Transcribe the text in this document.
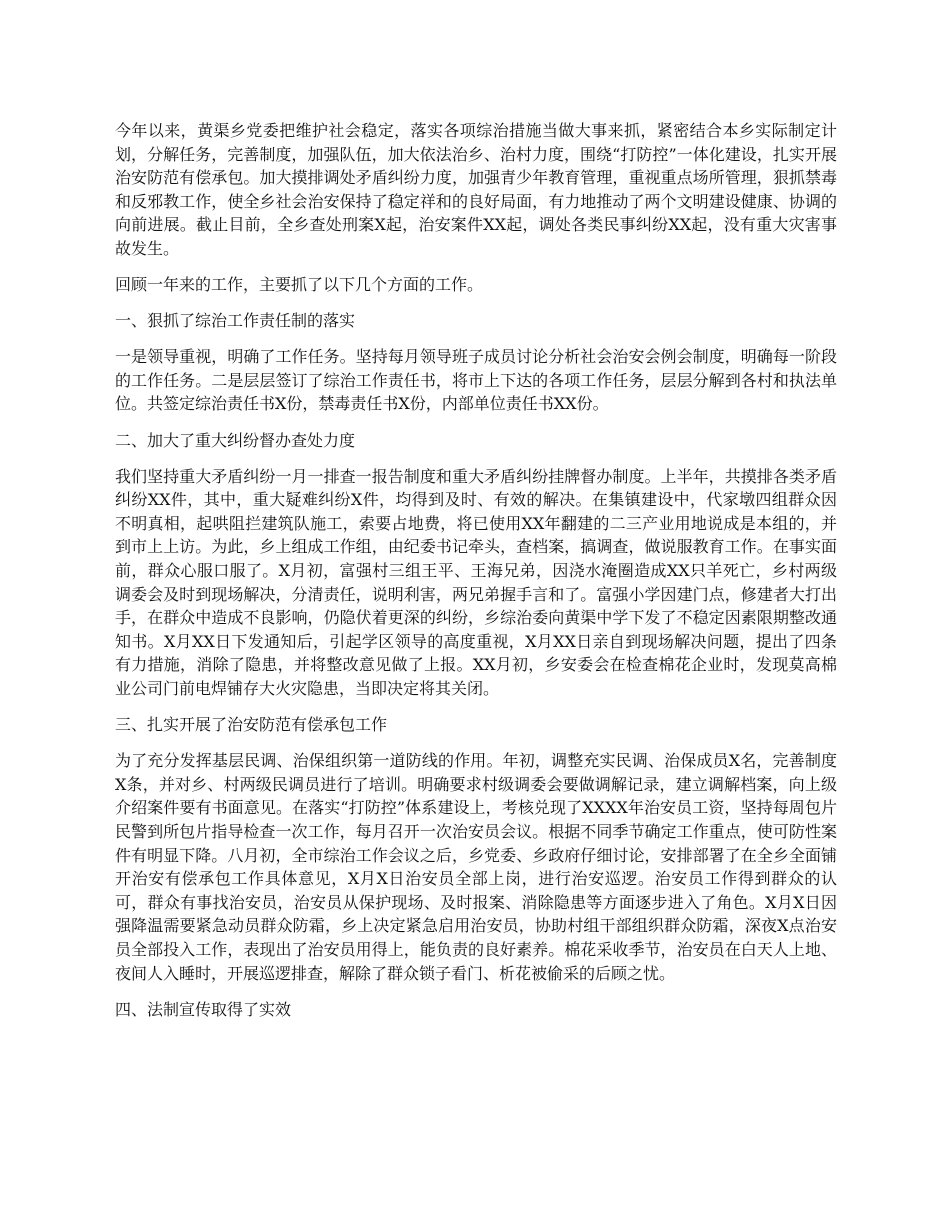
今年以来，黄渠乡党委把维护社会稳定，落实各项综治措施当做大事来抓，紧密结合本乡实际制定计划，分解任务，完善制度，加强队伍，加大依法治乡、治村力度，围绕“打防控”一体化建设，扎实开展治安防范有偿承包。加大摸排调处矛盾纠纷力度，加强青少年教育管理，重视重点场所管理，狠抓禁毒和反邪教工作，使全乡社会治安保持了稳定祥和的良好局面，有力地推动了两个文明建设健康、协调的向前进展。截止目前，全乡查处刑案X起，治安案件XX起，调处各类民事纠纷XX起，没有重大灾害事故发生。

回顾一年来的工作，主要抓了以下几个方面的工作。

一、狠抓了综治工作责任制的落实

一是领导重视，明确了工作任务。坚持每月领导班子成员讨论分析社会治安会例会制度，明确每一阶段的工作任务。二是层层签订了综治工作责任书，将市上下达的各项工作任务，层层分解到各村和执法单位。共签定综治责任书X份，禁毒责任书X份，内部单位责任书XX份。

二、加大了重大纠纷督办查处力度

我们坚持重大矛盾纠纷一月一排查一报告制度和重大矛盾纠纷挂牌督办制度。上半年，共摸排各类矛盾纠纷XX件，其中，重大疑难纠纷X件，均得到及时、有效的解决。在集镇建设中，代家墩四组群众因不明真相，起哄阻拦建筑队施工，索要占地费，将已使用XX年翻建的二三产业用地说成是本组的，并到市上上访。为此，乡上组成工作组，由纪委书记牵头，查档案，搞调查，做说服教育工作。在事实面前，群众心服口服了。X月初，富强村三组王平、王海兄弟，因浇水淹圈造成XX只羊死亡，乡村两级调委会及时到现场解决，分清责任，说明利害，两兄弟握手言和了。富强小学因建门点，修建者大打出手，在群众中造成不良影响，仍隐伏着更深的纠纷，乡综治委向黄渠中学下发了不稳定因素限期整改通知书。X月XX日下发通知后，引起学区领导的高度重视，X月XX日亲自到现场解决问题，提出了四条有力措施，消除了隐患，并将整改意见做了上报。XX月初，乡安委会在检查棉花企业时，发现莫高棉业公司门前电焊铺存大火灾隐患，当即决定将其关闭。

三、扎实开展了治安防范有偿承包工作

为了充分发挥基层民调、治保组织第一道防线的作用。年初，调整充实民调、治保成员X名，完善制度X条，并对乡、村两级民调员进行了培训。明确要求村级调委会要做调解记录，建立调解档案，向上级介绍案件要有书面意见。在落实“打防控”体系建设上，考核兑现了XXXX年治安员工资，坚持每周包片民警到所包片指导检查一次工作，每月召开一次治安员会议。根据不同季节确定工作重点，使可防性案件有明显下降。八月初，全市综治工作会议之后，乡党委、乡政府仔细讨论，安排部署了在全乡全面铺开治安有偿承包工作具体意见，X月X日治安员全部上岗，进行治安巡逻。治安员工作得到群众的认可，群众有事找治安员，治安员从保护现场、及时报案、消除隐患等方面逐步进入了角色。X月X日因强降温需要紧急动员群众防霜，乡上决定紧急启用治安员，协助村组干部组织群众防霜，深夜X点治安员全部投入工作，表现出了治安员用得上，能负责的良好素养。棉花采收季节，治安员在白天人上地、夜间人入睡时，开展巡逻排查，解除了群众锁子看门、析花被偷采的后顾之忧。

四、法制宣传取得了实效
